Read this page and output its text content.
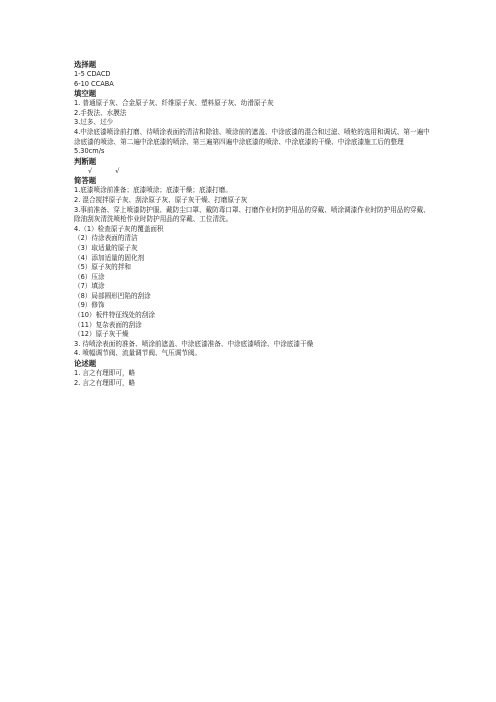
选择题
1-5 CDACD
6-10 CCABA
填空题
1. 普通原子灰、合金原子灰、纤维原子灰、塑料原子灰、幼滑原子灰
2.手拨法、水膜法
3.过多、过少
4.中涂底漆喷涂前打磨、待喷涂表面的清洁和除油、喷涂前的遮盖、中涂底漆的混合和过滤、喷枪的选用和调试、第一遍中涂底漆的喷涂、第二遍中涂底漆的喷涂、第三遍第四遍中涂底漆的喷涂、中涂底漆的干燥、中涂底漆施工后的整理
5.30cm/s
判断题
√           √
简答题
1.底漆喷涂前准备；底漆喷涂；底漆干燥；底漆打磨。
2. 混合搅拌原子灰、刮涂原子灰、原子灰干燥、打磨原子灰
3.事前准备、穿上喷漆防护服、戴防尘口罩、戴防毒口罩、打磨作业时防护用品的穿戴、喷涂调漆作业时防护用品的穿戴、除油刮灰清洗喷枪作业时防护用品的穿戴、工位清洗。
4.（1）检查原子灰的覆盖面积
（2）待涂表面的清洁
（3）取适量的原子灰
（4）添加适量的固化剂
（5）原子灰的拌和
（6）压涂
（7）填涂
（8）局部圆形凹陷的刮涂
（9）修饰
（10）板件特征线处的刮涂
（11）复杂表面的刮涂
（12）原子灰干燥
3. 待喷涂表面的准备、喷涂前遮盖、中涂底漆准备、中涂底漆喷涂、中涂底漆干燥
4. 喷幅调节阀、流量调节阀、气压调节阀。
论述题
1. 言之有理即可，略
2. 言之有理即可，略
